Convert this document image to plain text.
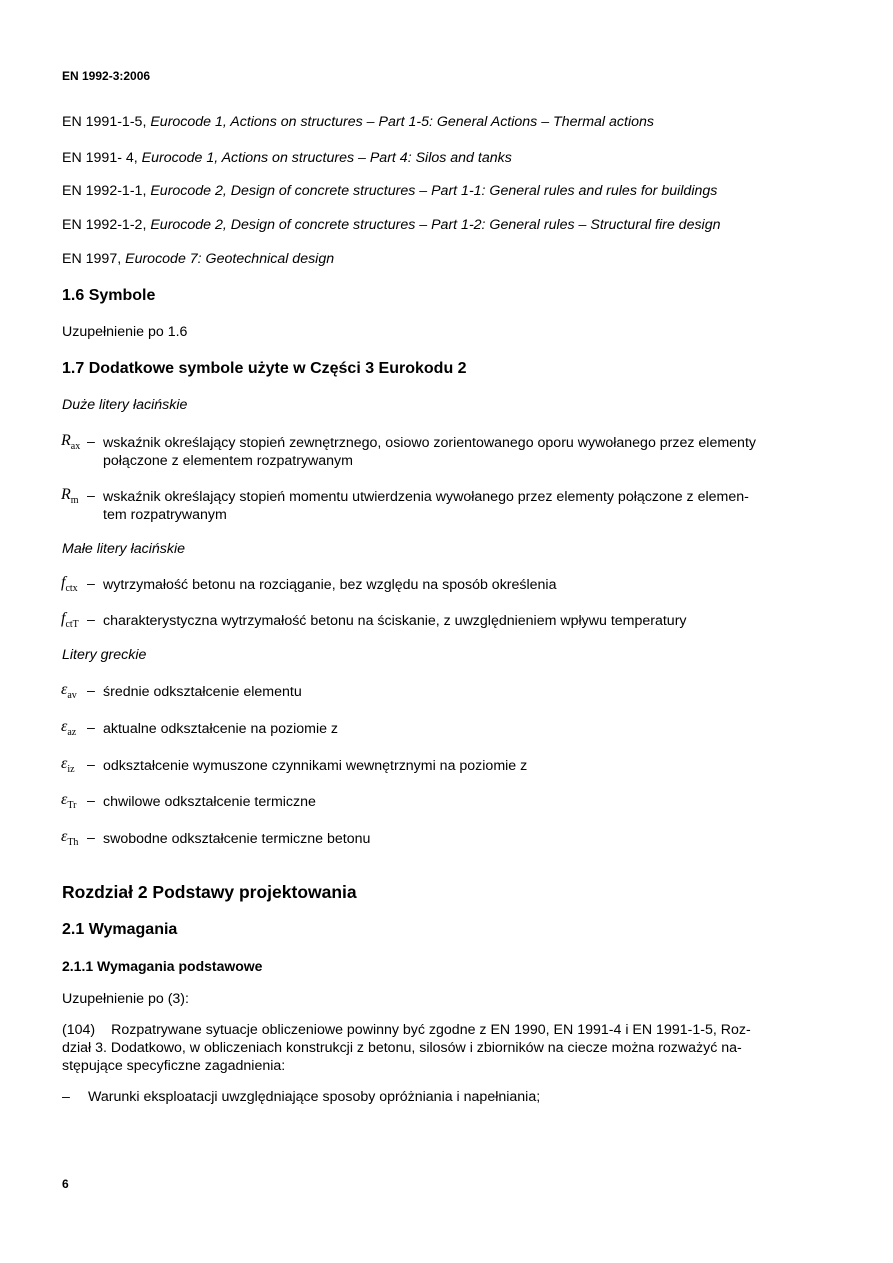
EN 1992-3:2006
EN 1991-1-5, Eurocode 1, Actions on structures – Part 1-5: General Actions – Thermal actions
EN 1991- 4, Eurocode 1, Actions on structures – Part 4: Silos and tanks
EN 1992-1-1, Eurocode 2, Design of concrete structures – Part 1-1: General rules and rules for buildings
EN 1992-1-2, Eurocode 2, Design of concrete structures – Part 1-2: General rules – Structural fire design
EN 1997, Eurocode 7: Geotechnical design
1.6 Symbole
Uzupełnienie po 1.6
1.7 Dodatkowe symbole użyte w Części 3 Eurokodu 2
Duże litery łacińskie
$R_{ax}$ – wskaźnik określający stopień zewnętrznego, osiowo zorientowanego oporu wywołanego przez elementy
połączone z elementem rozpatrywanym
$R_m$ – wskaźnik określający stopień momentu utwierdzenia wywołanego przez elementy połączone z elemen-
tem rozpatrywanym
Małe litery łacińskie
$f_{ctx}$ – wytrzymałość betonu na rozciąganie, bez względu na sposób określenia
$f_{ctT}$ – charakterystyczna wytrzymałość betonu na ściskanie, z uwzględnieniem wpływu temperatury
Litery greckie
$\varepsilon_{av}$ – średnie odkształcenie elementu
$\varepsilon_{az}$ – aktualne odkształcenie na poziomie z
$\varepsilon_{iz}$ – odkształcenie wymuszone czynnikami wewnętrznymi na poziomie z
$\varepsilon_{Tr}$ – chwilowe odkształcenie termiczne
$\varepsilon_{Th}$ – swobodne odkształcenie termiczne betonu
Rozdział 2 Podstawy projektowania
2.1 Wymagania
2.1.1 Wymagania podstawowe
Uzupełnienie po (3):
(104) Rozpatrywane sytuacje obliczeniowe powinny być zgodne z EN 1990, EN 1991-4 i EN 1991-1-5, Roz-
dział 3. Dodatkowo, w obliczeniach konstrukcji z betonu, silosów i zbiorników na ciecze można rozważyć na-
stępujące specyficzne zagadnienia:
– Warunki eksploatacji uwzględniające sposoby opróżniania i napełniania;
6
